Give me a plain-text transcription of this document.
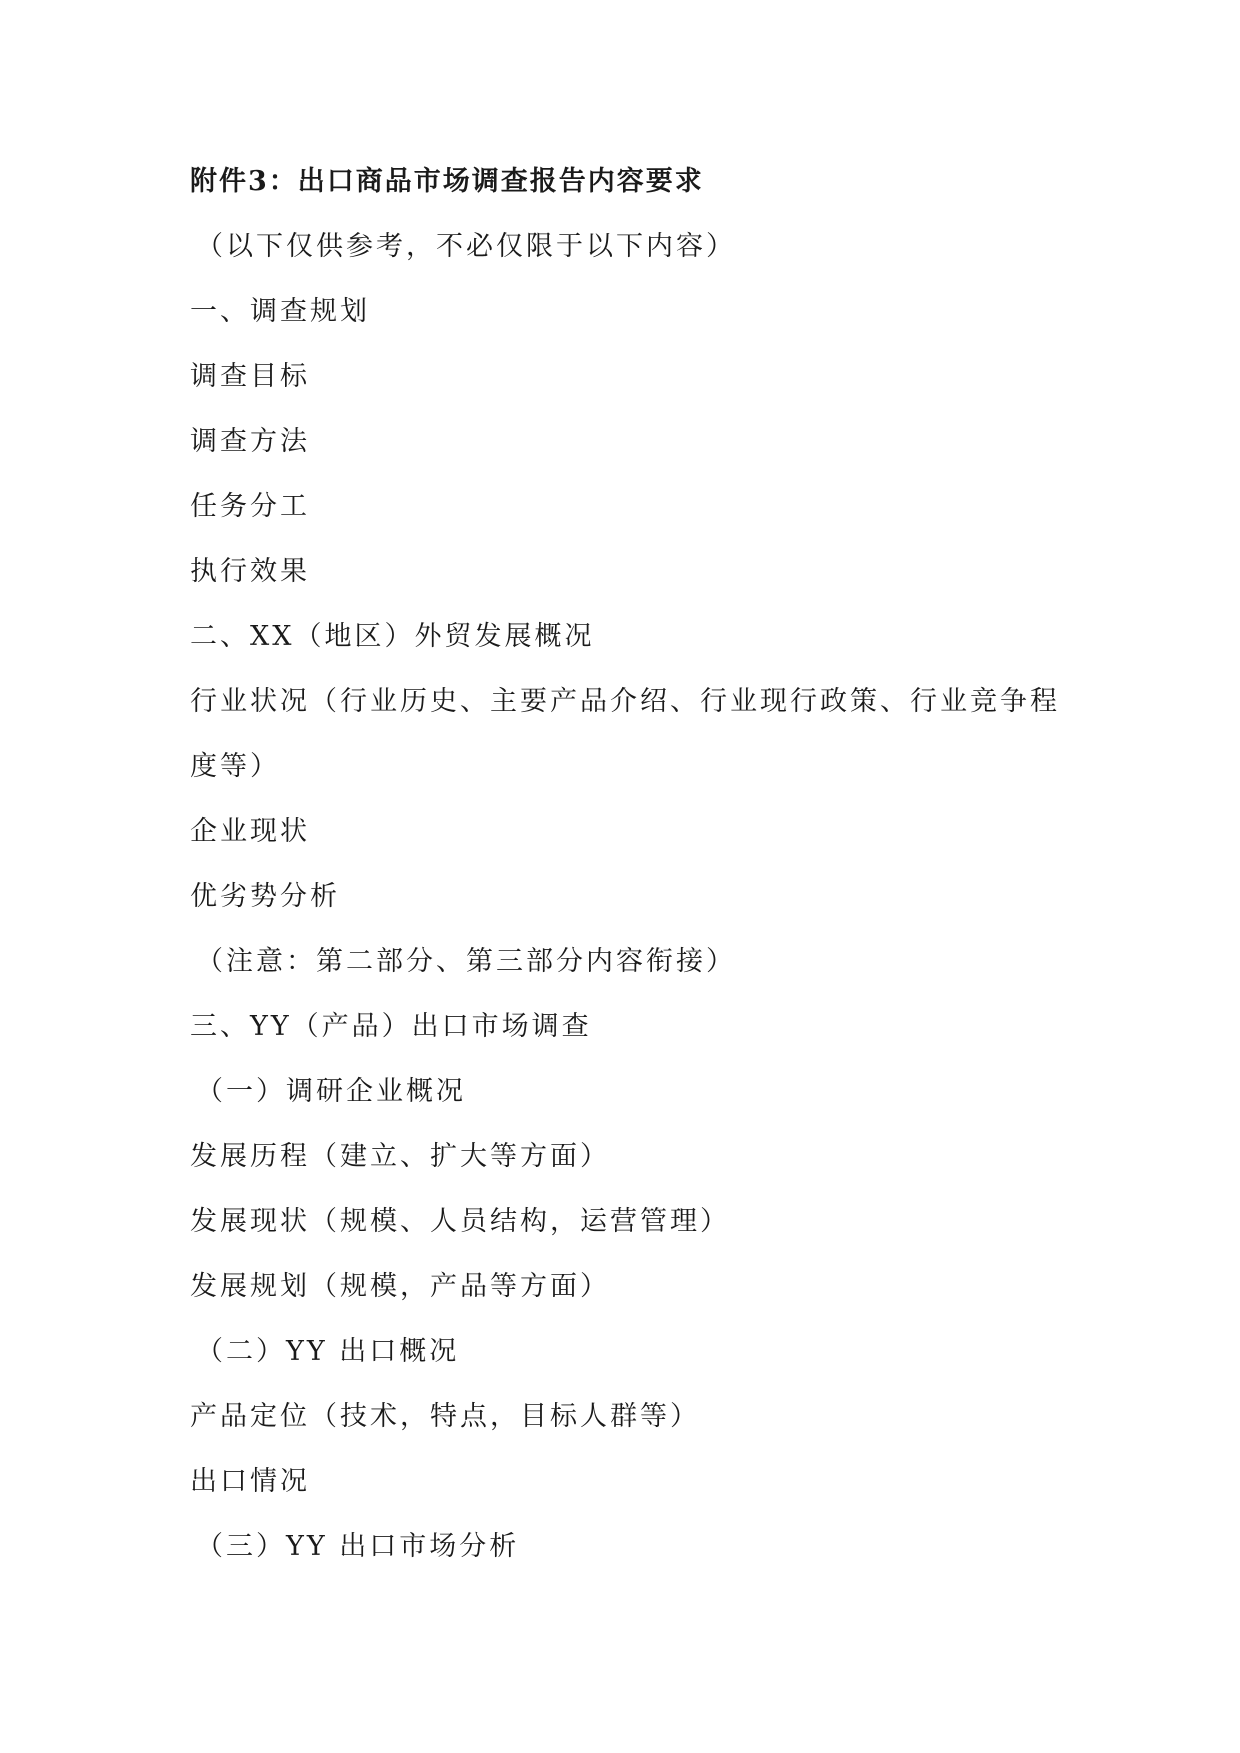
附件3：出口商品市场调查报告内容要求
（以下仅供参考，不必仅限于以下内容）
一、调查规划
调查目标
调查方法
任务分工
执行效果
二、XX（地区）外贸发展概况
行业状况（行业历史、主要产品介绍、行业现行政策、行业竞争程
度等）
企业现状
优劣势分析
（注意：第二部分、第三部分内容衔接）
三、YY（产品）出口市场调查
（一）调研企业概况
发展历程（建立、扩大等方面）
发展现状（规模、人员结构，运营管理）
发展规划（规模，产品等方面）
（二）YY 出口概况
产品定位（技术，特点，目标人群等）
出口情况
（三）YY 出口市场分析
